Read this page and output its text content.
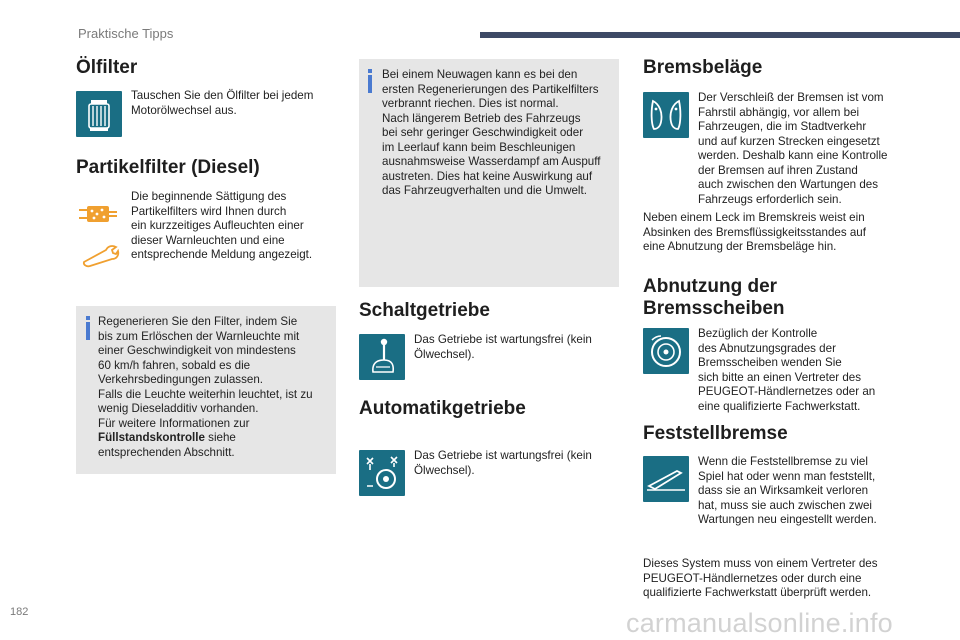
Praktische Tipps
Ölfilter
Tauschen Sie den Ölfilter bei jedem
Motorölwechsel aus.
Partikelfilter (Diesel)
Die beginnende Sättigung des
Partikelfilters wird Ihnen durch
ein kurzzeitiges Aufleuchten einer
dieser Warnleuchten und eine
entsprechende Meldung angezeigt.
Regenerieren Sie den Filter, indem Sie
bis zum Erlöschen der Warnleuchte mit
einer Geschwindigkeit von mindestens
60 km/h fahren, sobald es die
Verkehrsbedingungen zulassen.
Falls die Leuchte weiterhin leuchtet, ist zu
wenig Dieseladditiv vorhanden.
Für weitere Informationen zur
Füllstandskontrolle siehe
entsprechenden Abschnitt.
Bei einem Neuwagen kann es bei den
ersten Regenerierungen des Partikelfilters
verbrannt riechen. Dies ist normal.
Nach längerem Betrieb des Fahrzeugs
bei sehr geringer Geschwindigkeit oder
im Leerlauf kann beim Beschleunigen
ausnahmsweise Wasserdampf am Auspuff
austreten. Dies hat keine Auswirkung auf
das Fahrzeugverhalten und die Umwelt.
Schaltgetriebe
Das Getriebe ist wartungsfrei (kein
Ölwechsel).
Automatikgetriebe
Das Getriebe ist wartungsfrei (kein
Ölwechsel).
Bremsbeläge
Der Verschleiß der Bremsen ist vom
Fahrstil abhängig, vor allem bei
Fahrzeugen, die im Stadtverkehr
und auf kurzen Strecken eingesetzt
werden. Deshalb kann eine Kontrolle
der Bremsen auf ihren Zustand
auch zwischen den Wartungen des
Fahrzeugs erforderlich sein.
Neben einem Leck im Bremskreis weist ein
Absinken des Bremsflüssigkeitsstandes auf
eine Abnutzung der Bremsbeläge hin.
Abnutzung der
Bremsscheiben
Bezüglich der Kontrolle
des Abnutzungsgrades der
Bremsscheiben wenden Sie
sich bitte an einen Vertreter des
PEUGEOT-Händlernetzes oder an
eine qualifizierte Fachwerkstatt.
Feststellbremse
Wenn die Feststellbremse zu viel
Spiel hat oder wenn man feststellt,
dass sie an Wirksamkeit verloren
hat, muss sie auch zwischen zwei
Wartungen neu eingestellt werden.
Dieses System muss von einem Vertreter des
PEUGEOT-Händlernetzes oder durch eine
qualifizierte Fachwerkstatt überprüft werden.
182	carmanualsonline.info
